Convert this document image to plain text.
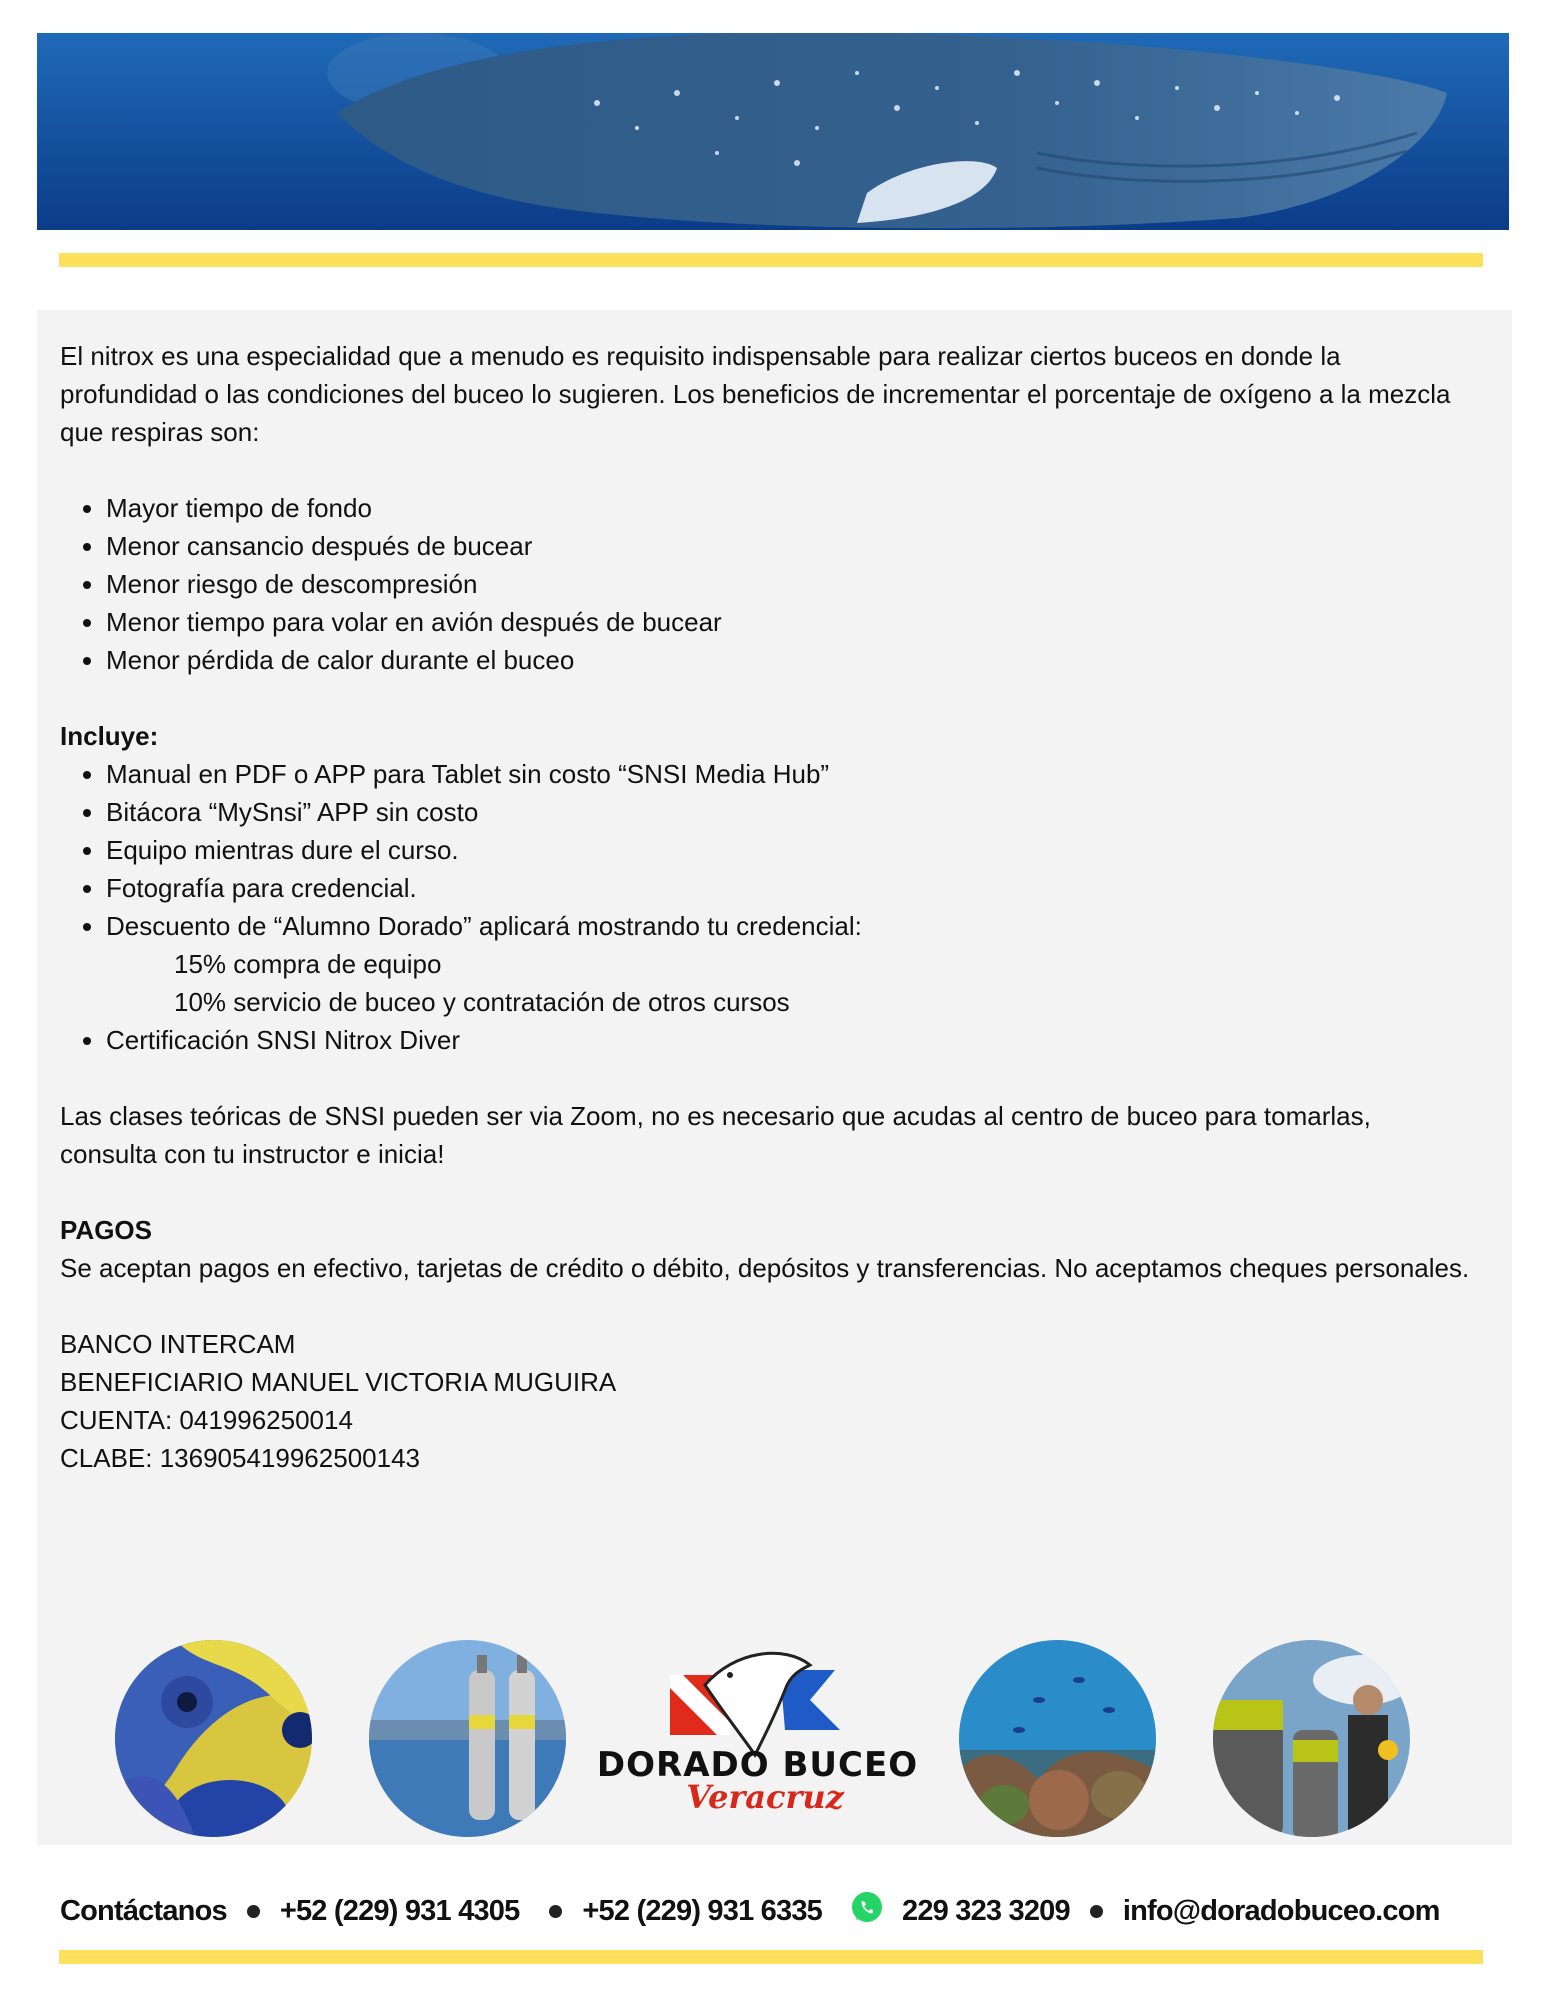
El nitrox es una especialidad que a menudo es requisito indispensable para realizar ciertos buceos en donde la profundidad o las condiciones del buceo lo sugieren. Los beneficios de incrementar el porcentaje de oxígeno a la mezcla que respiras son:

• Mayor tiempo de fondo
• Menor cansancio después de bucear
• Menor riesgo de descompresión
• Menor tiempo para volar en avión después de bucear
• Menor pérdida de calor durante el buceo

Incluye:

• Manual en PDF o APP para Tablet sin costo “SNSI Media Hub”
• Bitácora “MySnsi” APP sin costo
• Equipo mientras dure el curso.
• Fotografía para credencial.
• Descuento de “Alumno Dorado” aplicará mostrando tu credencial:

15% compra de equipo

10% servicio de buceo y contratación de otros cursos

• Certificación SNSI Nitrox Diver

Las clases teóricas de SNSI pueden ser via Zoom, no es necesario que acudas al centro de buceo para tomarlas, consulta con tu instructor e inicia!

PAGOS

Se aceptan pagos en efectivo, tarjetas de crédito o débito, depósitos y transferencias. No aceptamos cheques personales.

BANCO INTERCAM

BENEFICIARIO MANUEL VICTORIA MUGUIRA

CUENTA: 041996250014

CLABE: 136905419962500143

DORADO BUCEO
Veracruz
Contáctanos +52 (229) 931 4305 +52 (229) 931 6335	229 323 3209 info@doradobuceo.com
